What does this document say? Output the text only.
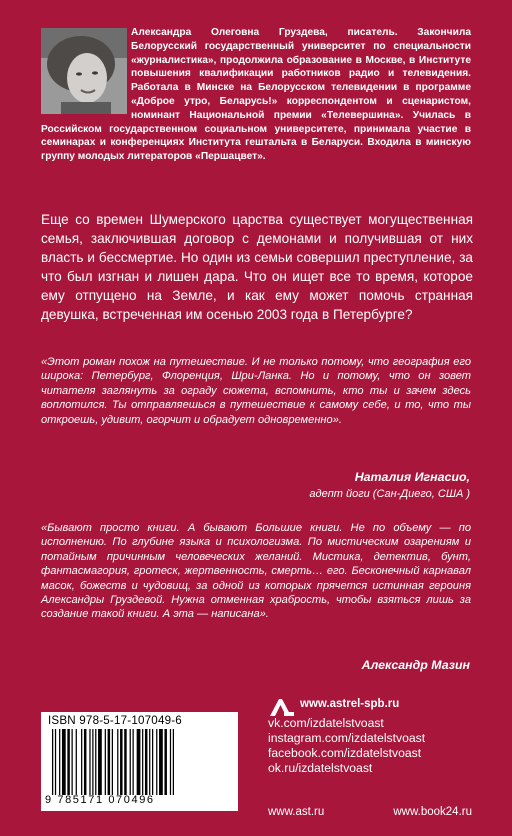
Александра Олеговна Груздева, писатель. Закончила Белорусский государственный университет по специальности «журналистика», продолжила образование в Москве, в Институте повышения квалификации работников радио и телевидения. Работала в Минске на Белорусском телевидении в программе «Доброе утро, Беларусь!» корреспондентом и сценаристом, номинант Национальной премии «Телевершина». Училась в Российском государственном социальном университете, принимала участие в семинарах и конференциях Института гештальта в Беларуси. Входила в минскую группу молодых литераторов «Першацвет».
Еще со времен Шумерского царства существует могущественная семья, заключившая договор с демонами и получившая от них власть и бессмертие. Но один из семьи совершил преступление, за что был изгнан и лишен дара. Что он ищет все то время, которое ему отпущено на Земле, и как ему может помочь странная девушка, встреченная им осенью 2003 года в Петербурге?
«Этот роман похож на путешествие. И не только потому, что география его широка: Петербург, Флоренция, Шри-Ланка. Но и потому, что он зовет читателя заглянуть за ограду сюжета, вспомнить, кто ты и зачем здесь воплотился. Ты отправляешься в путешествие к самому себе, и то, что ты откроешь, удивит, огорчит и обрадует одновременно».
Наталия Игнасио,
адепт йоги (Сан-Диего, США )
«Бывают просто книги. А бывают Большие книги. Не по объему — по исполнению. По глубине языка и психологизма. По мистическим озарениям и потайным причинным человеческих желаний. Мистика, детектив, бунт, фантасмагория, гротеск, жертвенность, смерть… его. Бесконечный карнавал масок, божеств и чудовищ, за одной из которых прячется истинная героиня Александры Груздевой. Нужна отменная храбрость, чтобы взяться лишь за создание такой книги. А эта — написана».
Александр Мазин
ISBN 978-5-17-107049-6
9 785171 070496
www.astrel-spb.ru
vk.com/izdatelstvoast
instagram.com/izdatelstvoast
facebook.com/izdatelstvoast
ok.ru/izdatelstvoast
www.ast.ru	www.book24.ru
